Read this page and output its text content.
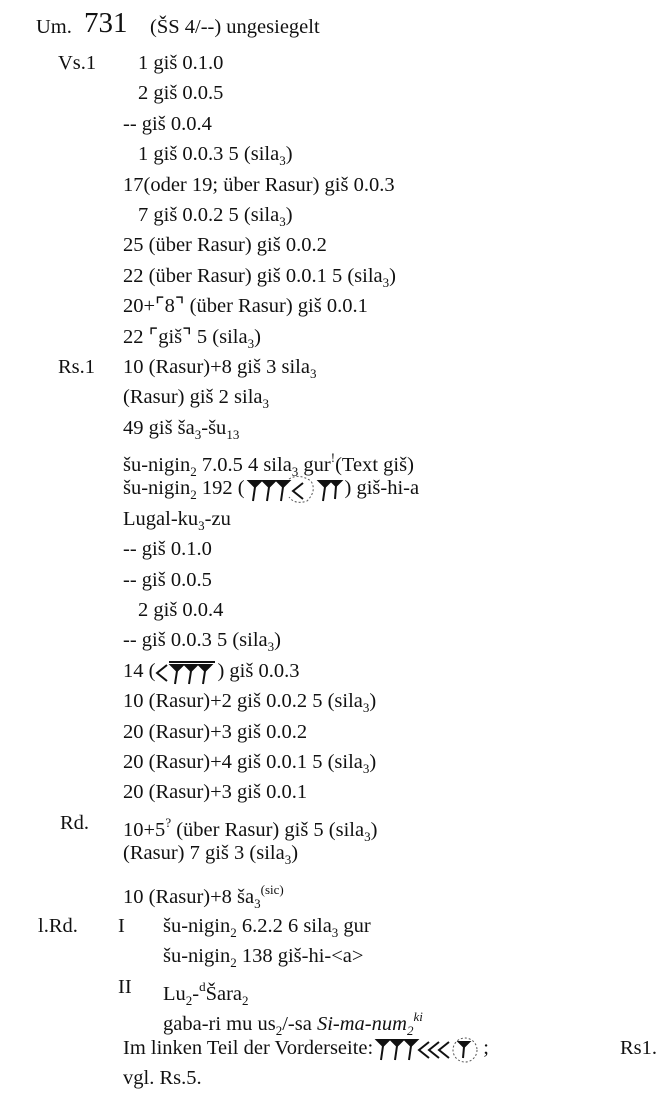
Um. 731 (ŠS 4/--) ungesiegelt
Vs.1	1 giš 0.1.0
2 giš 0.0.5
-- giš 0.0.4
1 giš 0.0.3 5 (sila$_3$)
17(oder 19; über Rasur) giš 0.0.3
7 giš 0.0.2 5 (sila$_3$)
25 (über Rasur) giš 0.0.2
22 (über Rasur) giš 0.0.1 5 (sila$_3$)
20+⌜8⌝ (über Rasur) giš 0.0.1
22 ⌜giš⌝ 5 (sila$_3$)
Rs.1 10 (Rasur)+8 giš 3 sila$_3$
(Rasur) giš 2 sila$_3$
49 giš $ša_3-šu_{13}$
šu-nigin$_2$ 7.0.5 4 sila$_3$ gur!(Text giš)
šu-nigin$_2$ 192 (	) giš-hi-a
Lugal-$ku_3-zu$
-- giš 0.1.0
-- giš 0.0.5
2 giš 0.0.4
-- giš 0.0.3 5 (sila$_3$)
14 (	) giš 0.0.3
10 (Rasur)+2 giš 0.0.2 5 (sila$_3$)
20 (Rasur)+3 giš 0.0.2
20 (Rasur)+4 giš 0.0.1 5 (sila$_3$)
20 (Rasur)+3 giš 0.0.1
Rd. 10+5? (über Rasur) giš 5 (sila$_3$)
(Rasur) 7 giš 3 (sila$_3$)
10 (Rasur)+8 $ša_3^{(sic)}$
l.Rd. I šu-nigin$_2$ 6.2.2 6 sila$_3$ gur
šu-nigin$_2$ 138 giš-hi-<a>
II $Lu_2-^dŠara_2$
gaba-ri mu $us_2/-sa$ Si-ma-num$_2^{ki}$
Im linken Teil der Vorderseite:	;	Rs1.
vgl. Rs.5.
